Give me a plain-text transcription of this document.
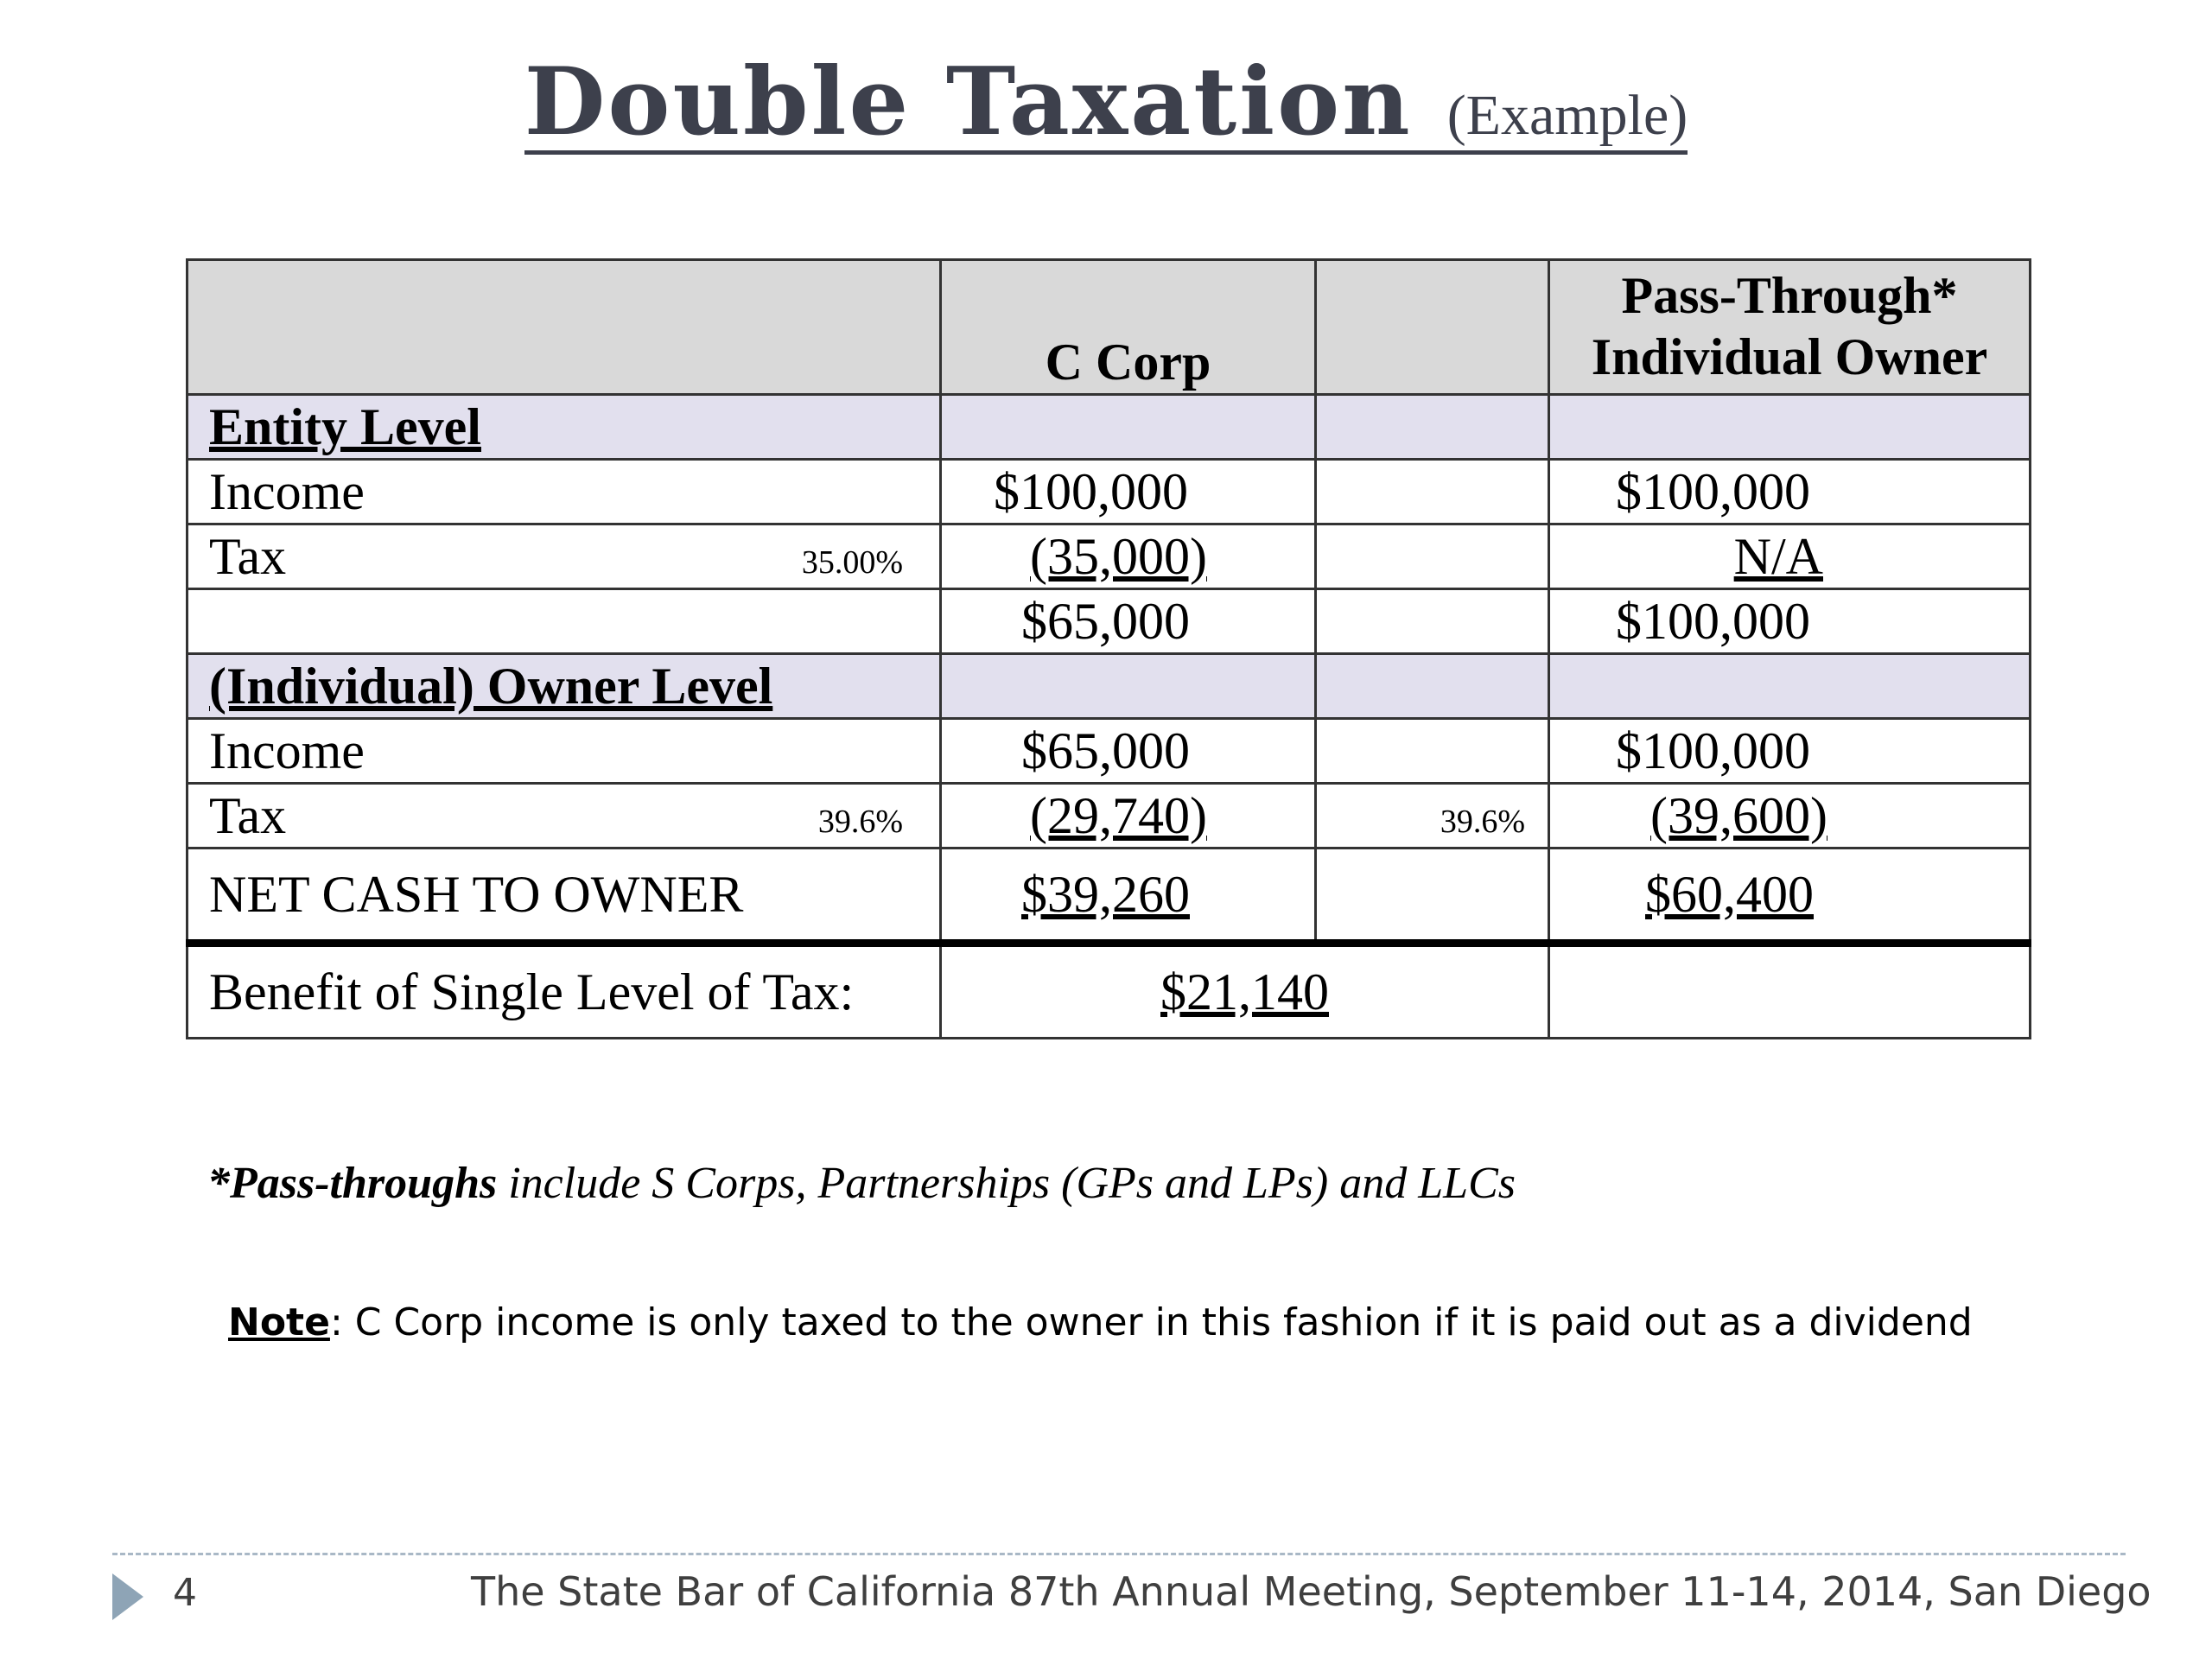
Double Taxation (Example)
	C Corp		Pass-Through*
Individual Owner
Entity Level			
Income	$100,000		$100,000
Tax 35.00%	(35,000)		N/A
	$65,000		$100,000
(Individual) Owner Level			
Income	$65,000		$100,000
Tax 39.6%	(29,740)	39.6%	(39,600)
NET CASH TO OWNER	$39,260		$60,400
Benefit of Single Level of Tax:	$21,140		
*Pass-throughs include S Corps, Partnerships (GPs and LPs) and LLCs
Note: C Corp income is only taxed to the owner in this fashion if it is paid out as a dividend
4	The State Bar of California 87th Annual Meeting, September 11-14, 2014, San Diego
